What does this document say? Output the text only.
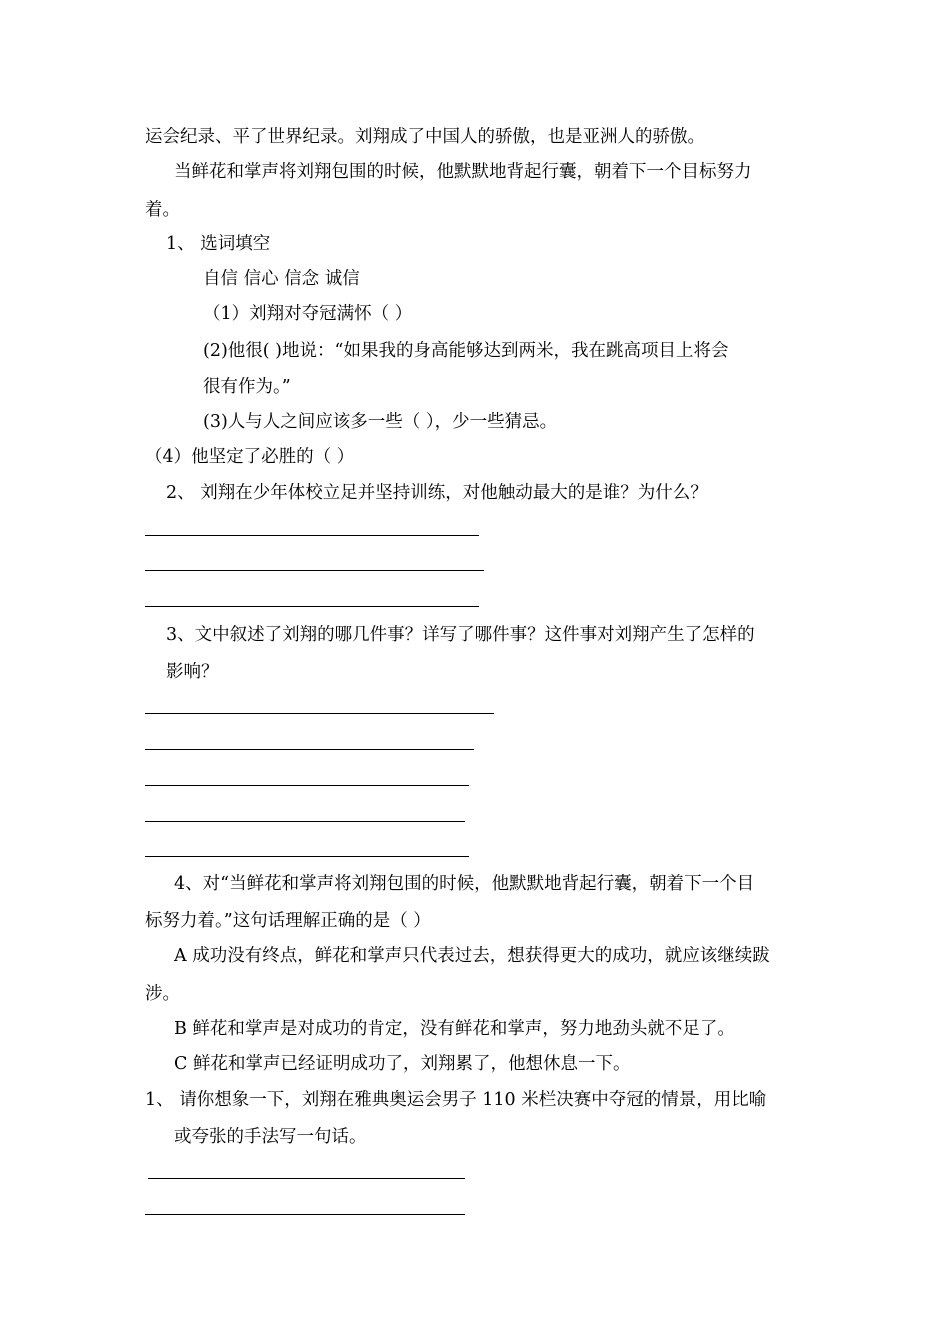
运会纪录、平了世界纪录。刘翔成了中国人的骄傲，也是亚洲人的骄傲。
当鲜花和掌声将刘翔包围的时候，他默默地背起行囊，朝着下一个目标努力
着。
1、 选词填空
自信 信心 信念 诚信
（1）刘翔对夺冠满怀（ ）
(2)他很( )地说：“如果我的身高能够达到两米，我在跳高项目上将会
很有作为。”
(3)人与人之间应该多一些（ ），少一些猜忌。
（4）他坚定了必胜的（ ）
2、 刘翔在少年体校立足并坚持训练，对他触动最大的是谁？为什么？
3、文中叙述了刘翔的哪几件事？详写了哪件事？这件事对刘翔产生了怎样的
影响？
4、对“当鲜花和掌声将刘翔包围的时候，他默默地背起行囊，朝着下一个目
标努力着。”这句话理解正确的是（ ）
A 成功没有终点，鲜花和掌声只代表过去，想获得更大的成功，就应该继续跋
涉。
B 鲜花和掌声是对成功的肯定，没有鲜花和掌声，努力地劲头就不足了。
C 鲜花和掌声已经证明成功了，刘翔累了，他想休息一下。
1、 请你想象一下，刘翔在雅典奥运会男子 110 米栏决赛中夺冠的情景，用比喻
或夸张的手法写一句话。
